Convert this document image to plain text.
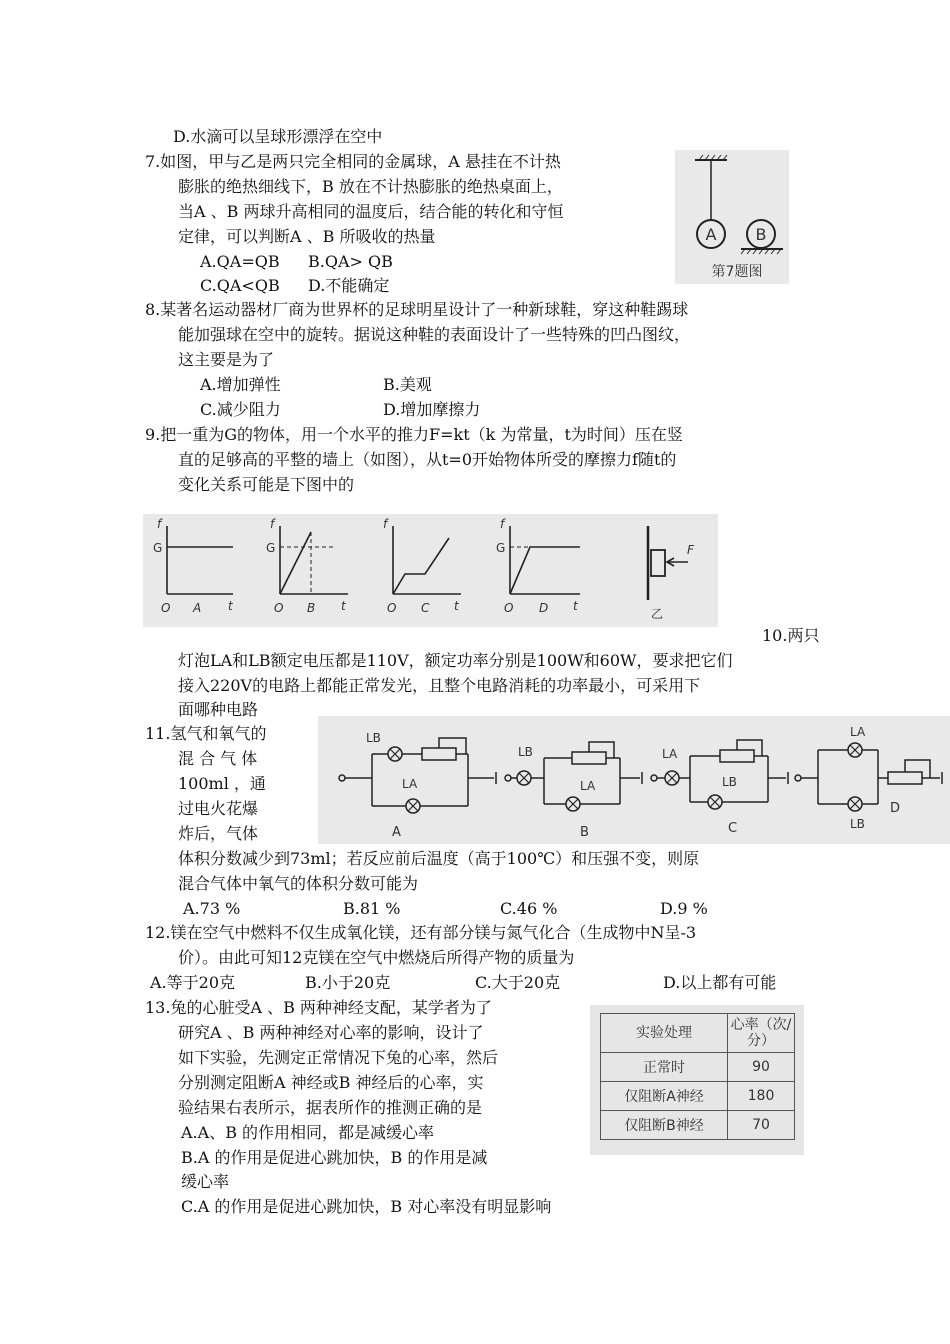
D.水滴可以呈球形漂浮在空中
7.如图，甲与乙是两只完全相同的金属球，A 悬挂在不计热
膨胀的绝热细线下，B 放在不计热膨胀的绝热桌面上，
当A 、B 两球升高相同的温度后，结合能的转化和守恒
定律，可以判断A 、B 所吸收的热量
A.QA=QB B.QA> QB
C.QA<QB D.不能确定
A B
第7题图
8.某著名运动器材厂商为世界杯的足球明星设计了一种新球鞋，穿这种鞋踢球
能加强球在空中的旋转。据说这种鞋的表面设计了一些特殊的凹凸图纹，
这主要是为了
A.增加弹性	B.美观
C.减少阻力	D.增加摩擦力
9.把一重为G的物体，用一个水平的推力F=kt（k 为常量，t为时间）压在竖
直的足够高的平整的墙上（如图），从t=0开始物体所受的摩擦力f随t的
变化关系可能是下图中的
f
G
O A t
f
G
O B t
f
O C t
f
G
O D t
F
乙
10.两只
灯泡LA和LB额定电压都是110V，额定功率分别是100W和60W，要求把它们
接入220V的电路上都能正常发光，且整个电路消耗的功率最小，可采用下
面哪种电路
11.氢气和氧气的
混 合 气 体
100ml ，通
过电火花爆
炸后，气体
LB
LA
A
LB
LA
B
LA
LB
C
LA
LB
D
体积分数减少到73ml；若反应前后温度（高于100℃）和压强不变，则原
混合气体中氧气的体积分数可能为
A.73 %	B.81 %	C.46 %	D.9 %
12.镁在空气中燃料不仅生成氧化镁，还有部分镁与氮气化合（生成物中N呈-3
价）。由此可知12克镁在空气中燃烧后所得产物的质量为
A.等于20克	B.小于20克	C.大于20克	D.以上都有可能
13.兔的心脏受A 、B 两种神经支配，某学者为了
研究A 、B 两种神经对心率的影响，设计了
如下实验，先测定正常情况下兔的心率，然后
分别测定阻断A 神经或B 神经后的心率，实
验结果右表所示，据表所作的推测正确的是
A.A、B 的作用相同，都是减缓心率
B.A 的作用是促进心跳加快，B 的作用是减
缓心率
C.A 的作用是促进心跳加快，B 对心率没有明显影响
实验处理	心率（次/分）
正常时	90
仅阻断A神经	180
仅阻断B神经	70
